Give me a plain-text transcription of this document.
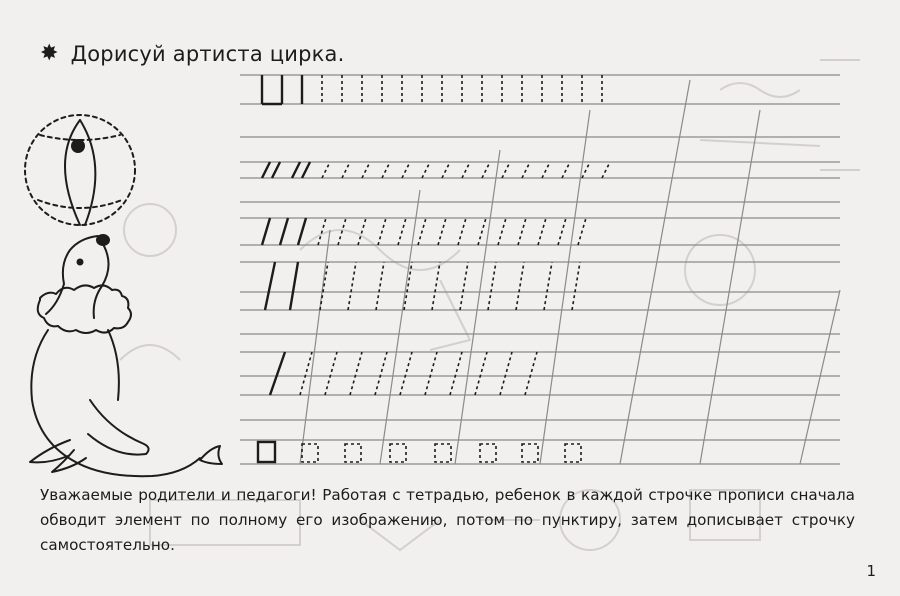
✸ Дорисуй артиста цирка.
Уважаемые родители и педагоги! Работая с тетрадью, ребенок в каждой строчке прописи сначала обводит элемент по полному его изображению, потом по пунктиру, затем дописывает строчку самостоятельно.
1
